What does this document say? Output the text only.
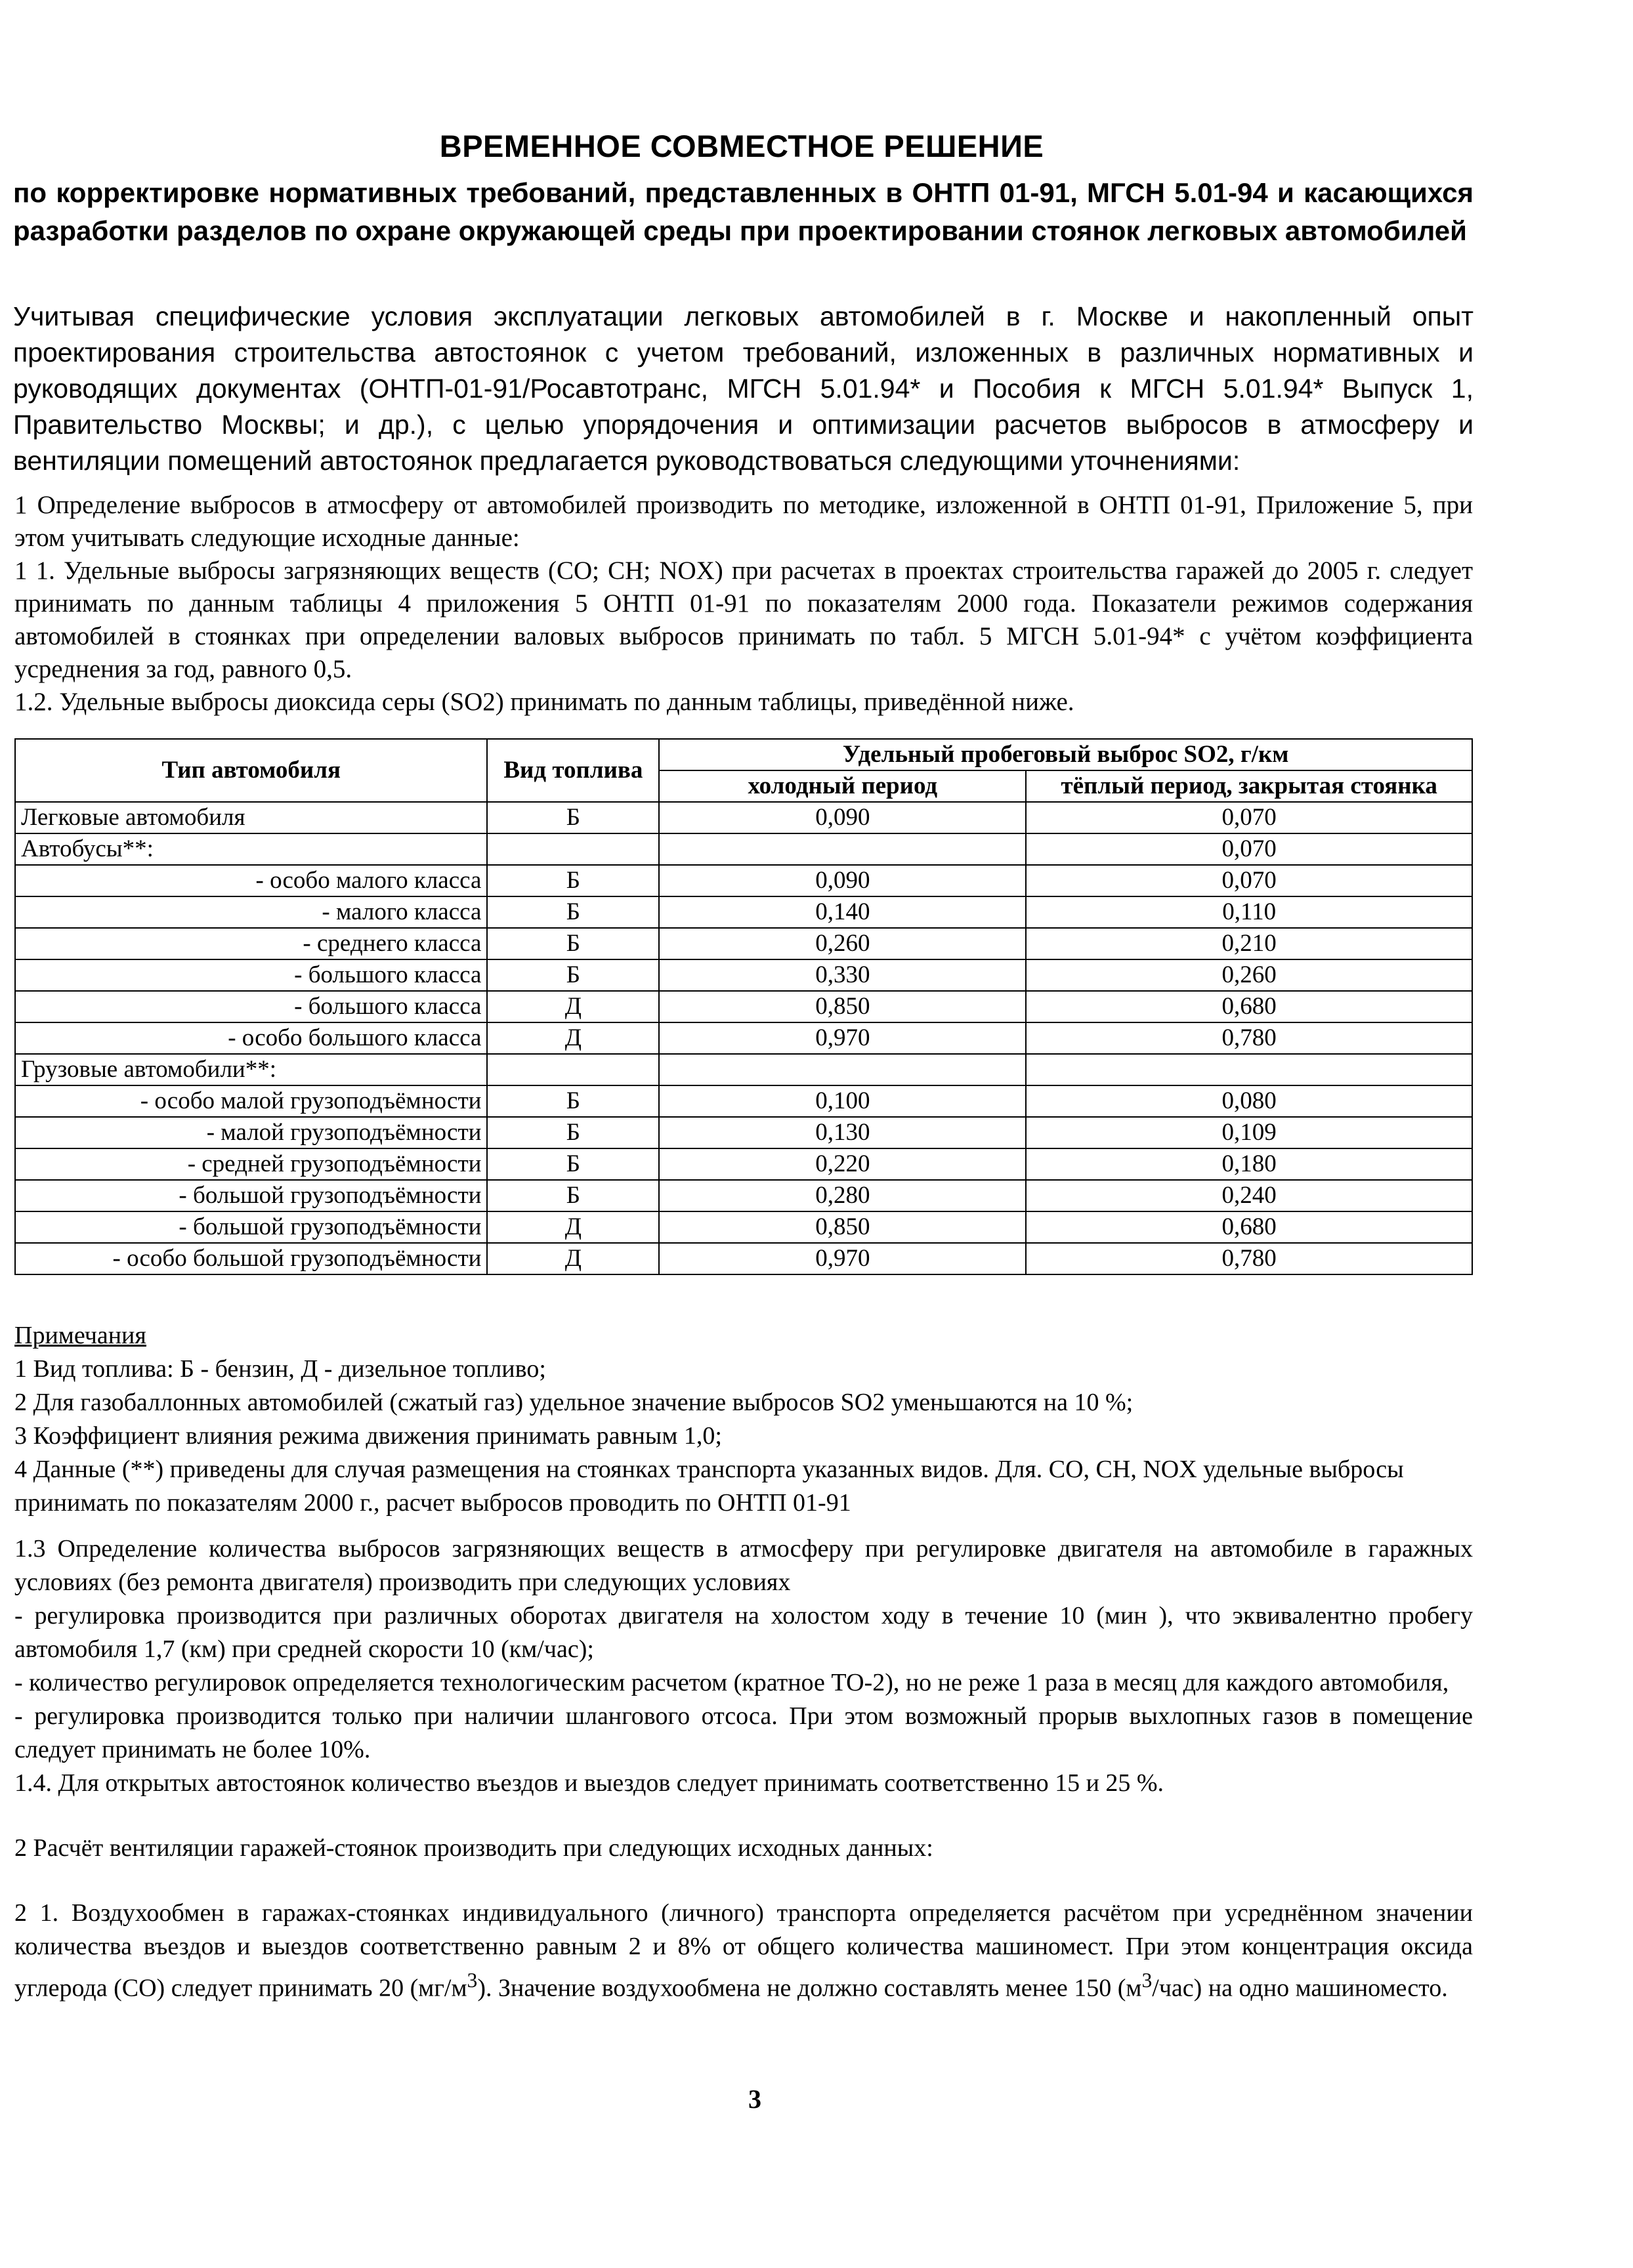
ВРЕМЕННОЕ СОВМЕСТНОЕ РЕШЕНИЕ
по корректировке нормативных требований, представленных в ОНТП 01-91, МГСН 5.01-94 и касающихся разработки разделов по охране окружающей среды при проектировании стоянок легковых автомобилей
Учитывая специфические условия эксплуатации легковых автомобилей в г. Москве и накопленный опыт проектирования строительства автостоянок с учетом требований, изложенных в различных нормативных и руководящих документах (ОНТП-01-91/Росавтотранс, МГСН 5.01.94* и Пособия к МГСН 5.01.94* Выпуск 1, Правительство Москвы; и др.), с целью упорядочения и оптимизации расчетов выбросов в атмосферу и вентиляции помещений автостоянок предлагается руководствоваться следующими уточнениями:

1 Определение выбросов в атмосферу от автомобилей производить по методике, изложенной в ОНТП 01-91, Приложение 5, при этом учитывать следующие исходные данные:

1 1. Удельные выбросы загрязняющих веществ (CO; CH; NOX) при расчетах в проектах строительства гаражей до 2005 г. следует принимать по данным таблицы 4 приложения 5 ОНТП 01-91 по показателям 2000 года. Показатели режимов содержания автомобилей в стоянках при определении валовых выбросов принимать по табл. 5 МГСН 5.01-94* с учётом коэффициента усреднения за год, равного 0,5.

1.2. Удельные выбросы диоксида серы (SO2) принимать по данным таблицы, приведённой ниже.

Тип автомобиля	Вид топлива	Удельный пробеговый выброс SO2, г/км	
		холодный период	тёплый период, закрытая стоянка
Легковые автомобиля	Б	0,090	0,070
Автобусы**:			0,070
- особо малого класса	Б	0,090	0,070
- малого класса	Б	0,140	0,110
- среднего класса	Б	0,260	0,210
- большого класса	Б	0,330	0,260
- большого класса	Д	0,850	0,680
- особо большого класса	Д	0,970	0,780
Грузовые автомобили**:			
- особо малой грузоподъёмности	Б	0,100	0,080
- малой грузоподъёмности	Б	0,130	0,109
- средней грузоподъёмности	Б	0,220	0,180
- большой грузоподъёмности	Б	0,280	0,240
- большой грузоподъёмности	Д	0,850	0,680
- особо большой грузоподъёмности	Д	0,970	0,780

Примечания

1 Вид топлива: Б - бензин, Д - дизельное топливо;

2 Для газобаллонных автомобилей (сжатый газ) удельное значение выбросов SO2 уменьшаются на 10 %;

3 Коэффициент влияния режима движения принимать равным 1,0;

4 Данные (**) приведены для случая размещения на стоянках транспорта указанных видов. Для. CO, CH, NOX удельные выбросы принимать по показателям 2000 г., расчет выбросов проводить по ОНТП 01-91

1.3 Определение количества выбросов загрязняющих веществ в атмосферу при регулировке двигателя на автомобиле в гаражных условиях (без ремонта двигателя) производить при следующих условиях

- регулировка производится при различных оборотах двигателя на холостом ходу в течение 10 (мин ), что эквивалентно пробегу автомобиля 1,7 (км) при средней скорости 10 (км/час);

- количество регулировок определяется технологическим расчетом (кратное ТО-2), но не реже 1 раза в месяц для каждого автомобиля,

- регулировка производится только при наличии шлангового отсоса. При этом возможный прорыв выхлопных газов в помещение следует принимать не более 10%.

1.4. Для открытых автостоянок количество въездов и выездов следует принимать соответственно 15 и 25 %.

2 Расчёт вентиляции гаражей-стоянок производить при следующих исходных данных:

2 1. Воздухообмен в гаражах-стоянках индивидуального (личного) транспорта определяется расчётом при усреднённом значении количества въездов и выездов соответственно равным 2 и 8% от общего количества машиномест. При этом концентрация оксида углерода (CO) следует принимать 20 $(мг/м^3)$. Значение воздухообмена не должно составлять менее 150 $(м^3/час)$ на одно машиноместо.

3
